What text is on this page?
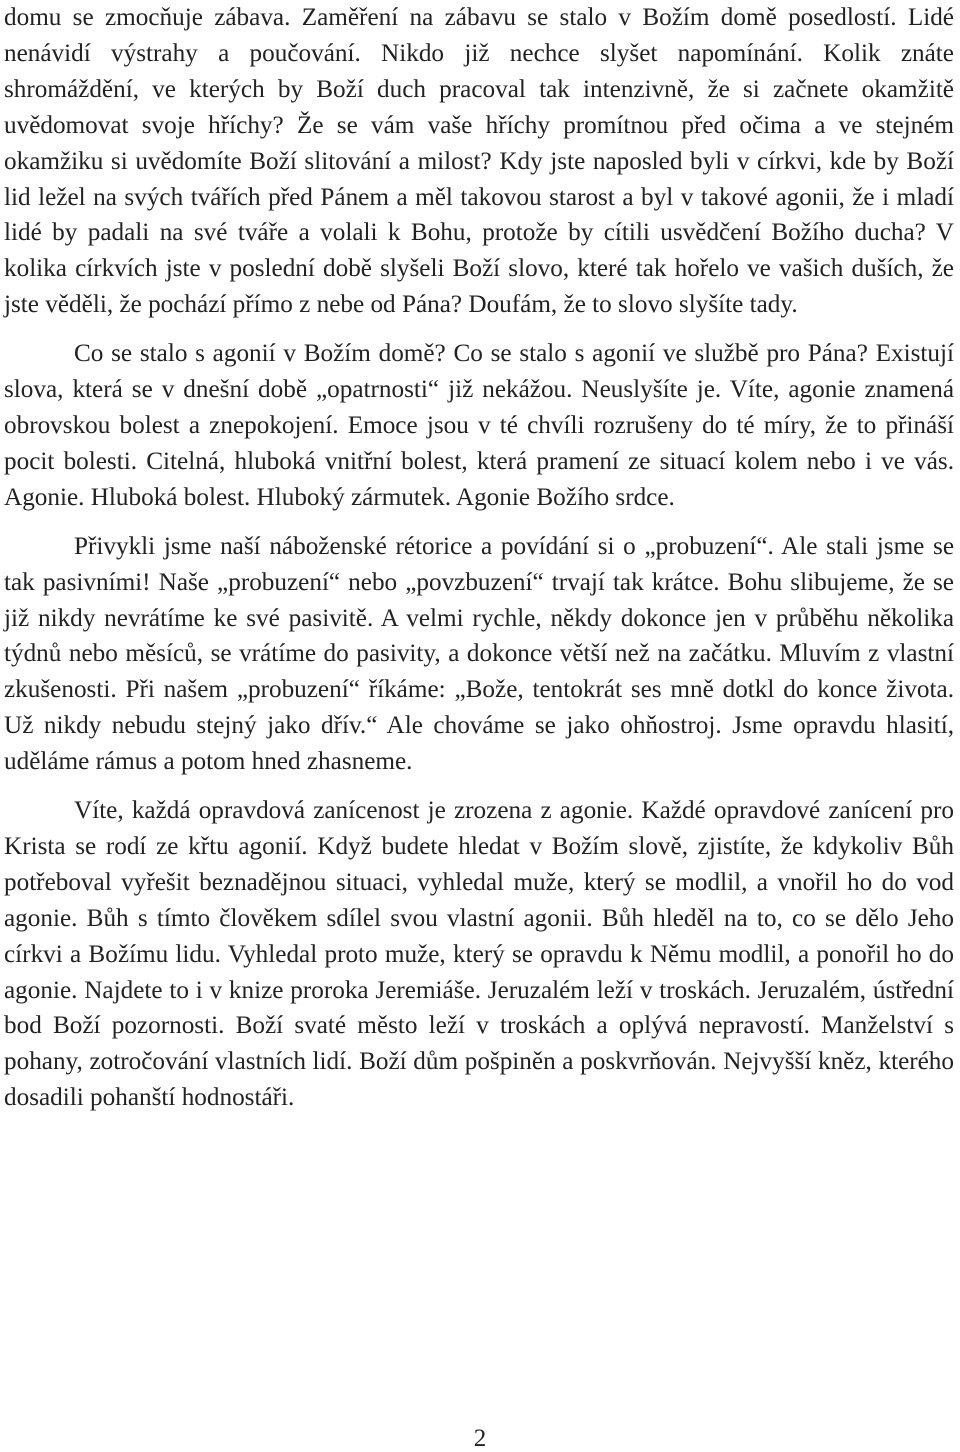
domu se zmocňuje zábava. Zaměření na zábavu se stalo v Božím domě posedlostí. Lidé nenávidí výstrahy a poučování. Nikdo již nechce slyšet napomínání. Kolik znáte shromáždění, ve kterých by Boží duch pracoval tak intenzivně, že si začnete okamžitě uvědomovat svoje hříchy? Že se vám vaše hříchy promítnou před očima a ve stejném okamžiku si uvědomíte Boží slitování a milost? Kdy jste naposled byli v církvi, kde by Boží lid ležel na svých tvářích před Pánem a měl takovou starost a byl v takové agonii, že i mladí lidé by padali na své tváře a volali k Bohu, protože by cítili usvědčení Božího ducha? V kolika církvích jste v poslední době slyšeli Boží slovo, které tak hořelo ve vašich duších, že jste věděli, že pochází přímo z nebe od Pána? Doufám, že to slovo slyšíte tady.

Co se stalo s agonií v Božím domě? Co se stalo s agonií ve službě pro Pána? Existují slova, která se v dnešní době „opatrnosti“ již nekážou. Neuslyšíte je. Víte, agonie znamená obrovskou bolest a znepokojení. Emoce jsou v té chvíli rozrušeny do té míry, že to přináší pocit bolesti. Citelná, hluboká vnitřní bolest, která pramení ze situací kolem nebo i ve vás. Agonie. Hluboká bolest. Hluboký zármutek. Agonie Božího srdce.

Přivykli jsme naší náboženské rétorice a povídání si o „probuzení“. Ale stali jsme se tak pasivními! Naše „probuzení“ nebo „povzbuzení“ trvají tak krátce. Bohu slibujeme, že se již nikdy nevrátíme ke své pasivitě. A velmi rychle, někdy dokonce jen v průběhu několika týdnů nebo měsíců, se vrátíme do pasivity, a dokonce větší než na začátku. Mluvím z vlastní zkušenosti. Při našem „probuzení“ říkáme: „Bože, tentokrát ses mně dotkl do konce života. Už nikdy nebudu stejný jako dřív.“ Ale chováme se jako ohňostroj. Jsme opravdu hlasití, uděláme rámus a potom hned zhasneme.

Víte, každá opravdová zanícenost je zrozena z agonie. Každé opravdové zanícení pro Krista se rodí ze křtu agonií. Když budete hledat v Božím slově, zjistíte, že kdykoliv Bůh potřeboval vyřešit beznadějnou situaci, vyhledal muže, který se modlil, a vnořil ho do vod agonie. Bůh s tímto člověkem sdílel svou vlastní agonii. Bůh hleděl na to, co se dělo Jeho církvi a Božímu lidu. Vyhledal proto muže, který se opravdu k Němu modlil, a ponořil ho do agonie. Najdete to i v knize proroka Jeremiáše. Jeruzalém leží v troskách. Jeruzalém, ústřední bod Boží pozornosti. Boží svaté město leží v troskách a oplývá nepravostí. Manželství s pohany, zotročování vlastních lidí. Boží dům pošpiněn a poskvrňován. Nejvyšší kněz, kterého dosadili pohanští hodnostáři.

2
